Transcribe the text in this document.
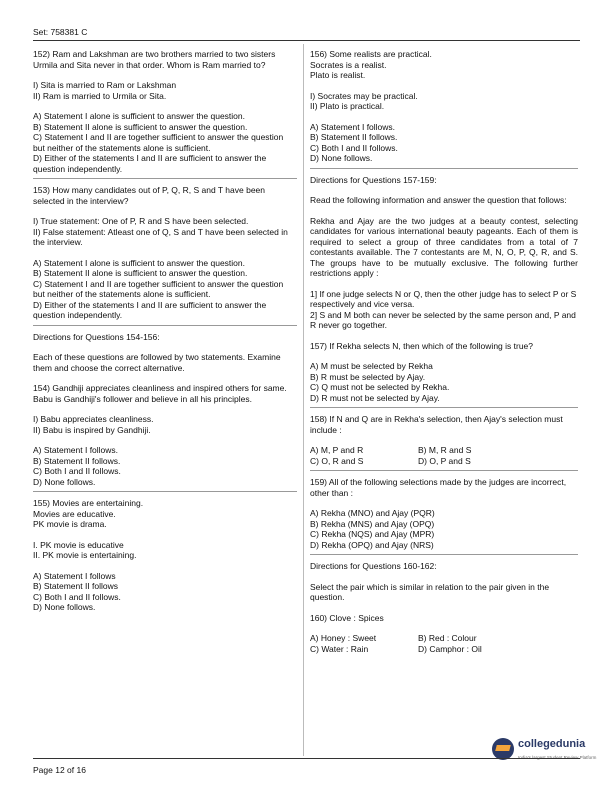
Set: 758381 C

152) Ram and Lakshman are two brothers married to two sisters Urmila and Sita never in that order. Whom is Ram married to?

I) Sita is married to Ram or Lakshman

II) Ram is married to Urmila or Sita.

A) Statement I alone is sufficient to answer the question.

B) Statement II alone is sufficient to answer the question.

C) Statement I and II are together sufficient to answer the question but neither of the statements alone is sufficient.

D) Either of the statements I and II are sufficient to answer the question independently.

153) How many candidates out of P, Q, R, S and T have been selected in the interview?

I) True statement: One of P, R and S have been selected.

II) False statement: Atleast one of Q, S and T have been selected in the interview.

A) Statement I alone is sufficient to answer the question.

B) Statement II alone is sufficient to answer the question.

C) Statement I and II are together sufficient to answer the question but neither of the statements alone is sufficient.

D) Either of the statements I and II are sufficient to answer the question independently.

Directions for Questions 154-156:

Each of these questions are followed by two statements. Examine them and choose the correct alternative.

154) Gandhiji appreciates cleanliness and inspired others for same.

Babu is Gandhiji's follower and believe in all his principles.

I) Babu appreciates cleanliness.

II) Babu is inspired by Gandhiji.

A) Statement I follows.

B) Statement II follows.

C) Both I and II follows.

D) None follows.

155) Movies are entertaining.

Movies are educative.

PK movie is drama.

I. PK movie is educative

II. PK movie is entertaining.

A) Statement I follows

B) Statement II follows

C) Both I and II follows.

D) None follows.

156) Some realists are practical.

Socrates is a realist.

Plato is realist.

I) Socrates may be practical.

II) Plato is practical.

A) Statement I follows.

B) Statement II follows.

C) Both I and II follows.

D) None follows.

Directions for Questions 157-159:

Read the following information and answer the question that follows:

Rekha and Ajay are the two judges at a beauty contest, selecting candidates for various international beauty pageants. Each of them is required to select a group of three candidates from a total of 7 contestants available. The 7 contestants are M, N, O, P, Q, R, and S. The groups have to be mutually exclusive. The following further restrictions apply :

1] If one judge selects N or Q, then the other judge has to select P or S respectively and vice versa.

2] S and M both can never be selected by the same person and, P and R never go together.

157) If Rekha selects N, then which of the following is true?

A) M must be selected by Rekha

B) R must be selected by Ajay.

C) Q must not be selected by Rekha.

D) R must not be selected by Ajay.

158) If N and Q are in Rekha's selection, then Ajay's selection must include :

A) M, P and R	B) M, R and S

C) O, R and S	D) O, P and S

159) All of the following selections made by the judges are incorrect, other than :

A) Rekha (MNO) and Ajay (PQR)

B) Rekha (MNS) and Ajay (OPQ)

C) Rekha (NQS) and Ajay (MPR)

D) Rekha (OPQ) and Ajay (NRS)

Directions for Questions 160-162:

Select the pair which is similar in relation to the pair given in the question.

160) Clove : Spices

A) Honey : Sweet	B) Red : Colour

C) Water : Rain	D) Camphor : Oil

collegedunia
India's largest Student Review Platform
Page 12 of 16
